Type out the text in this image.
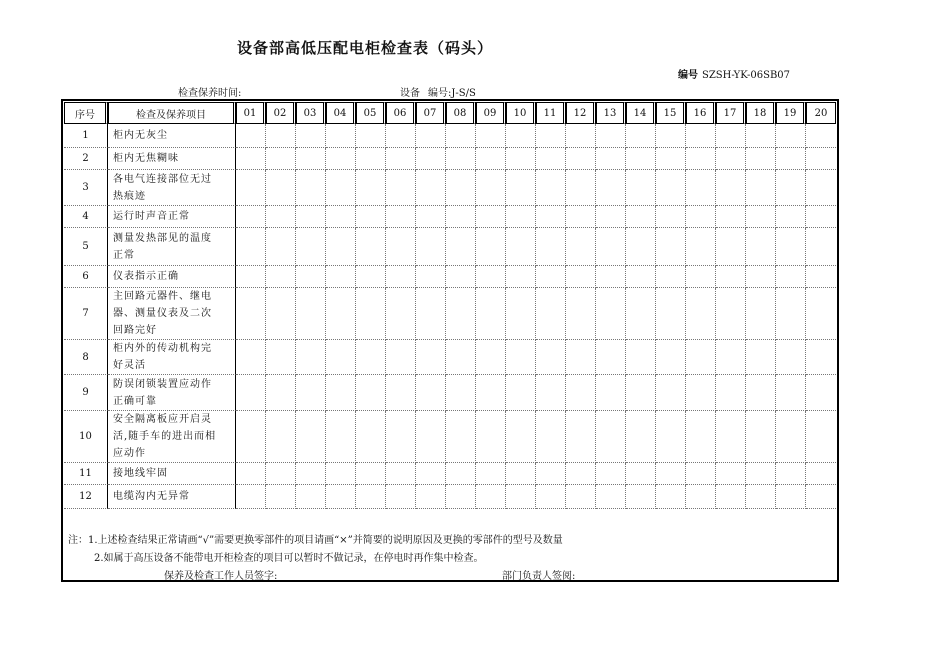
设备部高低压配电柜检查表（码头）
编号 SZSH-YK-06SB07
检查保养时间:	设备 编号:J-S/S
序号	检查及保养项目	01	02	03	04	05	06	07	08	09	10	11	12	13	14	15	16	17	18	19	20
1	柜内无灰尘																				

2	柜内无焦糊味																				

3	各电气连接部位无过
热痕迹																				

4	运行时声音正常																				

5	测量发热部见的温度
正常																				

6	仪表指示正确																				

7	主回路元器件、继电
器、测量仪表及二次
回路完好																				

8	柜内外的传动机构完
好灵活																				

9	防误闭锁装置应动作
正确可靠																				

10	安全隔离板应开启灵
活,随手车的进出而相
应动作																				

11	接地线牢固																				

12	电缆沟内无异常																				

注：1.上述检查结果正常请画“√”需要更换零部件的项目请画“×”并简要的说明原因及更换的零部件的型号及数量
2.如属于高压设备不能带电开柜检查的项目可以暂时不做记录，在停电时再作集中检查。
保养及检查工作人员签字:	部门负责人签阅:
